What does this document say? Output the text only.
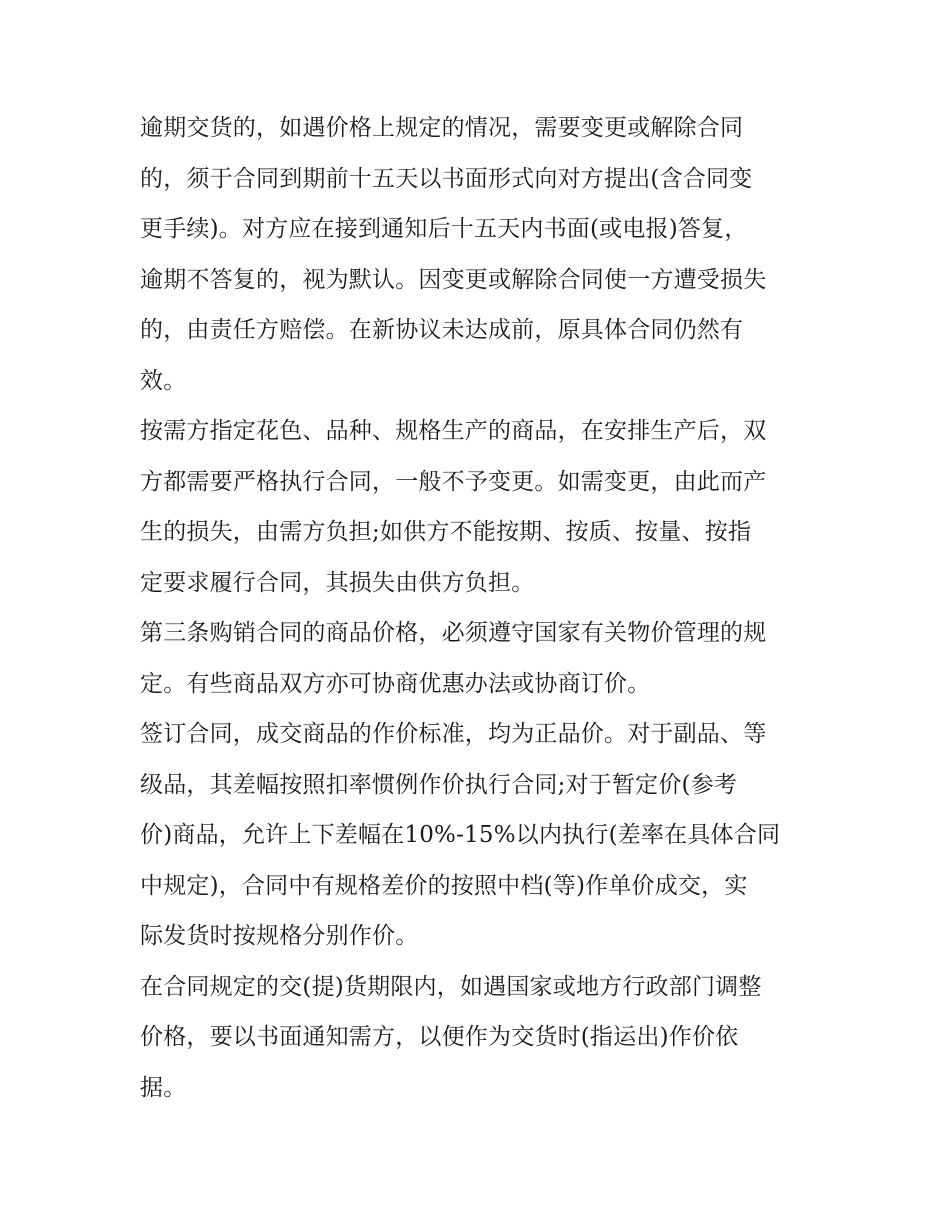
逾期交货的，如遇价格上规定的情况，需要变更或解除合同
的，须于合同到期前十五天以书面形式向对方提出(含合同变
更手续)。对方应在接到通知后十五天内书面(或电报)答复，
逾期不答复的，视为默认。因变更或解除合同使一方遭受损失
的，由责任方赔偿。在新协议未达成前，原具体合同仍然有
效。

按需方指定花色、品种、规格生产的商品，在安排生产后，双
方都需要严格执行合同，一般不予变更。如需变更，由此而产
生的损失，由需方负担;如供方不能按期、按质、按量、按指
定要求履行合同，其损失由供方负担。

第三条购销合同的商品价格，必须遵守国家有关物价管理的规
定。有些商品双方亦可协商优惠办法或协商订价。

签订合同，成交商品的作价标准，均为正品价。对于副品、等
级品，其差幅按照扣率惯例作价执行合同;对于暂定价(参考
价)商品，允许上下差幅在10%-15%以内执行(差率在具体合同
中规定)，合同中有规格差价的按照中档(等)作单价成交，实
际发货时按规格分别作价。

在合同规定的交(提)货期限内，如遇国家或地方行政部门调整
价格，要以书面通知需方，以便作为交货时(指运出)作价依
据。
